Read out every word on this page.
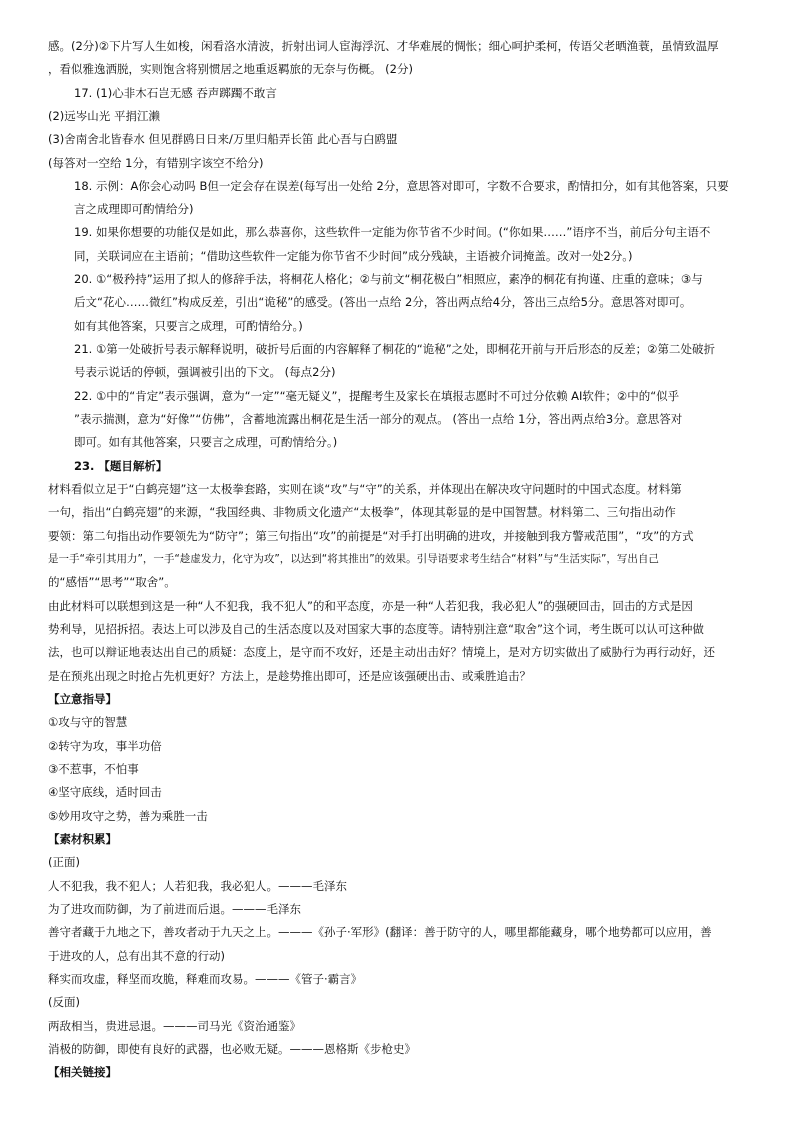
感。(2分)②下片写人生如梭，闲看洛水清波，折射出词人宦海浮沉、才华难展的惆怅；细心呵护柔柯，传语父老晒渔蓑，虽情致温厚
，看似雅逸洒脱，实则饱含将别惯居之地重返羁旅的无奈与伤概。 (2分)
17. (1)心非木石岂无感 吞声踯躅不敢言
(2)远岑山光 平捐江濑
(3)舍南舍北皆春水 但见群鸥日日来/万里归船弄长笛 此心吾与白鸥盟
(每答对一空给 1分，有错别字该空不给分)
18. 示例：A你会心动吗 B但一定会存在误差(每写出一处给 2分，意思答对即可，字数不合要求，酌情扣分，如有其他答案，只要
言之成理即可酌情给分)
19. 如果你想要的功能仅是如此，那么恭喜你，这些软件一定能为你节省不少时间。(“你如果……”语序不当，前后分句主语不
同，关联词应在主语前；“借助这些软件一定能为你节省不少时间”成分残缺，主语被介词掩盖。改对一处2分。)
20. ①“极矜持”运用了拟人的修辞手法，将桐花人格化；②与前文“桐花极白”相照应，素净的桐花有拘谨、庄重的意味；③与
后文“花心……微红”构成反差，引出“诡秘”的感受。(答出一点给 2分，答出两点给4分，答出三点给5分。意思答对即可。
如有其他答案，只要言之成理，可酌情给分。)
21. ①第一处破折号表示解释说明，破折号后面的内容解释了桐花的“诡秘”之处，即桐花开前与开后形态的反差；②第二处破折
号表示说话的停顿，强调被引出的下文。 (每点2分)
22. ①中的“肯定”表示强调，意为“一定”“毫无疑义”，提醒考生及家长在填报志愿时不可过分依赖 AI软件；②中的“似乎
”表示揣测，意为“好像”“仿佛”，含蓄地流露出桐花是生活一部分的观点。 (答出一点给 1分，答出两点给3分。意思答对
即可。如有其他答案，只要言之成理，可酌情给分。)
23. 【题目解析】
材料看似立足于“白鹤亮翅”这一太极拳套路，实则在谈“攻”与“守”的关系，并体现出在解决攻守问题时的中国式态度。材料第
一句，指出“白鹤亮翅”的来源，“我国经典、非物质文化遗产“太极拳”，体现其彰显的是中国智慧。材料第二、三句指出动作
要领：第二句指出动作要领先为“防守”；第三句指出“攻”的前提是“对手打出明确的进攻，并接触到我方警戒范围”，“攻”的方式
是一手“牵引其用力”，一手“趁虚发力，化守为攻”，以达到“将其推出”的效果。引导语要求考生结合“材料”与“生活实际”，写出自己
的“感悟”“思考”“取舍”。
由此材料可以联想到这是一种“人不犯我，我不犯人”的和平态度，亦是一种“人若犯我，我必犯人”的强硬回击，回击的方式是因
势利导，见招拆招。表达上可以涉及自己的生活态度以及对国家大事的态度等。请特别注意“取舍”这个词，考生既可以认可这种做
法，也可以辩证地表达出自己的质疑：态度上，是守而不攻好，还是主动出击好？情境上，是对方切实做出了威胁行为再行动好，还
是在预兆出现之时抢占先机更好？方法上，是趁势推出即可，还是应该强硬出击、或乘胜追击？
【立意指导】
①攻与守的智慧
②转守为攻，事半功倍
③不惹事，不怕事
④坚守底线，适时回击
⑤妙用攻守之势，善为乘胜一击
【素材积累】
(正面)
人不犯我，我不犯人；人若犯我，我必犯人。———毛泽东
为了进攻而防御，为了前进而后退。———毛泽东
善守者藏于九地之下，善攻者动于九天之上。———《孙子·军形》(翻译：善于防守的人，哪里都能藏身，哪个地势都可以应用，善
于进攻的人，总有出其不意的行动)
释实而攻虚，释坚而攻脆，释难而攻易。———《管子·霸言》
(反面)
两敌相当，贵进忌退。———司马光《资治通鉴》
消极的防御，即使有良好的武器，也必败无疑。———恩格斯《步枪史》
【相关链接】
